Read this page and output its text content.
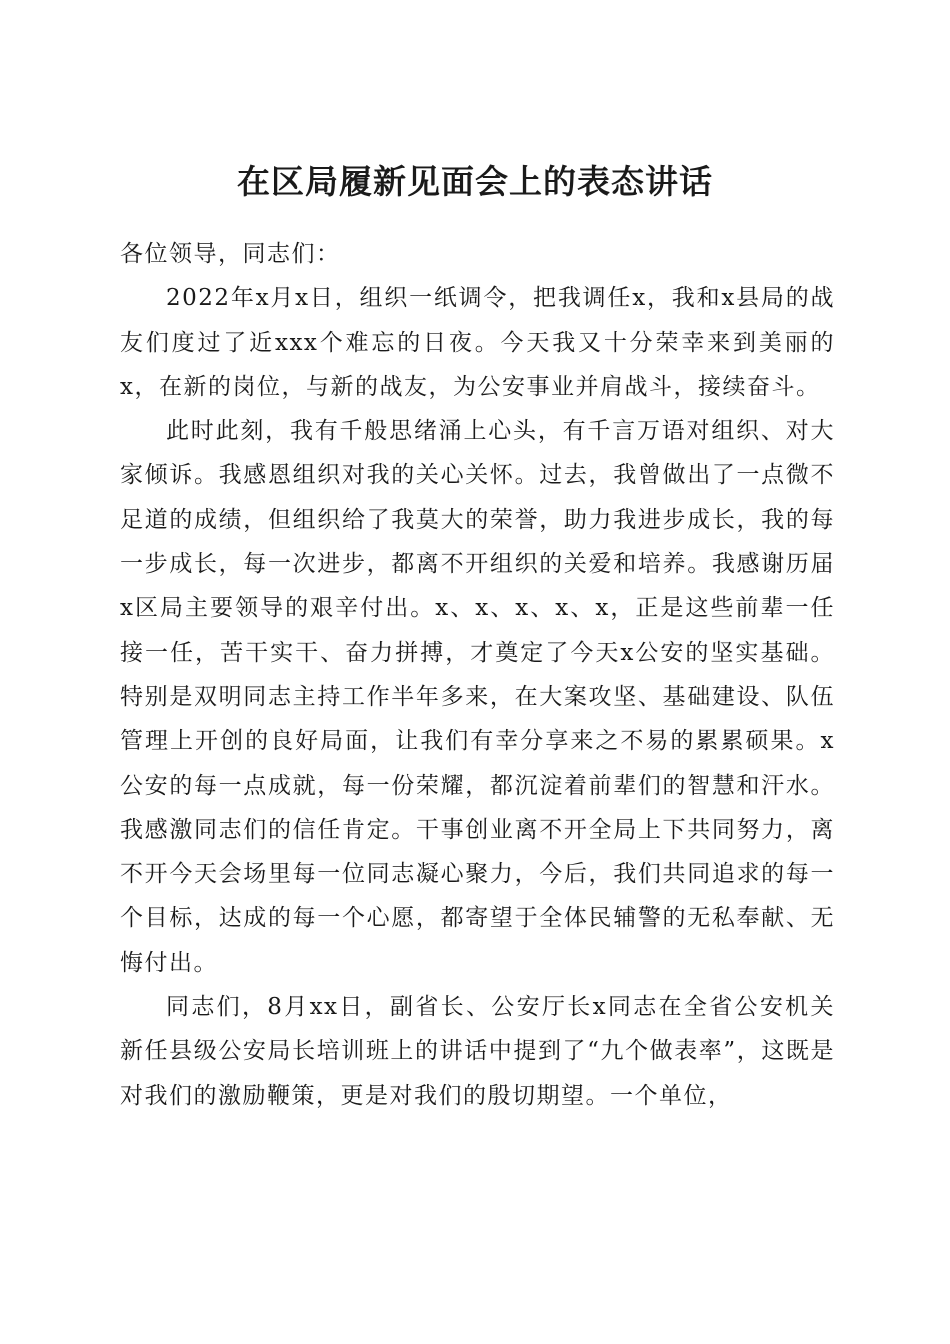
在区局履新见面会上的表态讲话

各位领导，同志们：

2022年x月x日，组织一纸调令，把我调任x，我和x县局的战友们度过了近xxx个难忘的日夜。今天我又十分荣幸来到美丽的x，在新的岗位，与新的战友，为公安事业并肩战斗，接续奋斗。

此时此刻，我有千般思绪涌上心头，有千言万语对组织、对大家倾诉。我感恩组织对我的关心关怀。过去，我曾做出了一点微不足道的成绩，但组织给了我莫大的荣誉，助力我进步成长，我的每一步成长，每一次进步，都离不开组织的关爱和培养。我感谢历届x区局主要领导的艰辛付出。x、x、x、x、x，正是这些前辈一任接一任，苦干实干、奋力拼搏，才奠定了今天x公安的坚实基础。特别是双明同志主持工作半年多来，在大案攻坚、基础建设、队伍管理上开创的良好局面，让我们有幸分享来之不易的累累硕果。x公安的每一点成就，每一份荣耀，都沉淀着前辈们的智慧和汗水。我感激同志们的信任肯定。干事创业离不开全局上下共同努力，离不开今天会场里每一位同志凝心聚力，今后，我们共同追求的每一个目标，达成的每一个心愿，都寄望于全体民辅警的无私奉献、无悔付出。

同志们，8月xx日，副省长、公安厅长x同志在全省公安机关新任县级公安局长培训班上的讲话中提到了“九个做表率”，这既是对我们的激励鞭策，更是对我们的殷切期望。一个单位，
